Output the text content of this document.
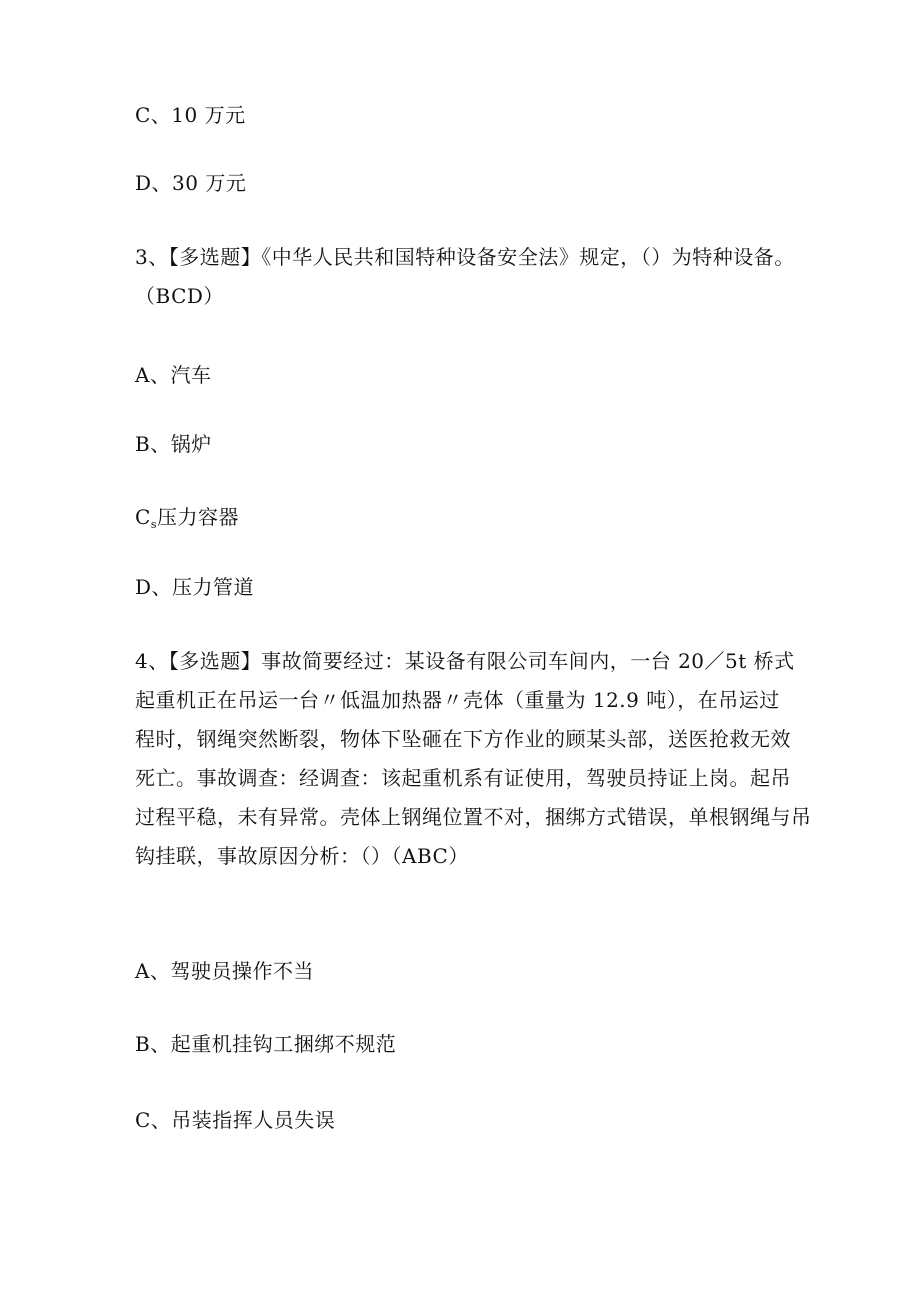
C、10 万元
D、30 万元
3、【多选题】《中华人民共和国特种设备安全法》规定，（）为特种设备。
（BCD）
A、汽车
B、锅炉
$C_s$压力容器
D、压力管道
4、【多选题】事故简要经过：某设备有限公司车间内，一台 20／5t 桥式
起重机正在吊运一台〃低温加热器〃壳体（重量为 12.9 吨），在吊运过
程时，钢绳突然断裂，物体下坠砸在下方作业的顾某头部，送医抢救无效
死亡。事故调查：经调查：该起重机系有证使用，驾驶员持证上岗。起吊
过程平稳，未有异常。壳体上钢绳位置不对，捆绑方式错误，单根钢绳与吊
钩挂联，事故原因分析：（）（ABC）
A、驾驶员操作不当
B、起重机挂钩工捆绑不规范
C、吊装指挥人员失误
